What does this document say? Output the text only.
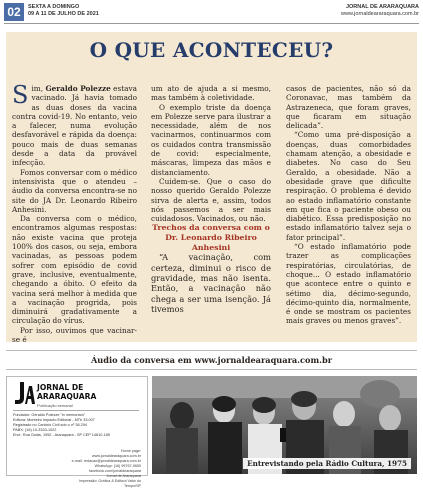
02	SEXTA A DOMINGO
09 A 11 DE JULHO DE 2021
JORNAL DE ARARAQUARA
www.jornaldeararaquara.com.br
O QUE ACONTECEU?

Sim, Geraldo Polezze estava vacinado. Já havia tomado as duas doses da vacina contra covid-19. No entanto, veio a falecer, numa evolução desfavorável e rápida da doença: pouco mais de duas semanas desde a data da provável infecção.

Fomos conversar com o médico intensivista que o atendeu – áudio da conversa encontra-se no site do JA Dr. Leonardo Ribeiro Anhesini.

Da conversa com o médico, encontramos algumas respostas: não existe vacina que proteja 100% dos casos, ou seja, embora vacinadas, as pessoas podem sofrer com episódio de covid grave, inclusive, eventualmente, chegando a óbito. O efeito da vacina será melhor à medida que a vacinação progrida, pois diminuirá gradativamente a circulação do vírus.

Por isso, ouvimos que vacinar-se é

um ato de ajuda a si mesmo, mas também à coletividade.

O exemplo triste da doença em Polezze serve para ilustrar a necessidade, além de nos vacinarmos, continuarmos com os cuidados contra transmissão de covid: especialmente, máscaras, limpeza das mãos e distanciamento.

Cuidem-se. Que o caso do nosso querido Geraldo Polezze sirva de alerta e, assim, todos nós passemos a ser mais cuidadosos. Vacinados, ou não.

Trechos da conversa com o Dr. Leonardo Ribeiro Anhesini

“A vacinação, com certeza, diminui o risco de gravidade, mas não isenta. Então, a vacinação não chega a ser uma isenção. Já tivemos

casos de pacientes, não só da Coronavac, mas também da Astrazeneca, que foram graves, que ficaram em situação delicada”.

“Como uma pré-disposição a doenças, duas comorbidades chamam atenção, a obesidade e diabetes. No caso do Seu Geraldo, a obesidade. Não a obesidade grave que dificulte respiração. O problema é devido ao estado inflamatório constante em que fica o paciente obeso ou diabético. Essa predisposição no estado inflamatório talvez seja o fator principal”.

“O estado inflamatório pode trazer as complicações respiratórias, circulatórias, de choque... O estado inflamatório que acontece entre o quinto e sétimo dia, décimo-segundo, décimo-quinto dia, normalmente, é onde se mostram os pacientes mais graves ou menos graves”.

Áudio da conversa em www.jornaldearaquara.com.br
JORNAL DE
ARARAQUARA
Publicação semanal
Fundador: Geraldo Polezze "in memoriam"
Editora: Monteiro Impacto Editorial - MTb 33.007
Registrado no Cartório Civil sob o nº 38.294
PABX: (16) 10-3333-1022
End.: Rua Goiás, 1952 - Araraquara - SP CEP 14810-185
Home page: www.jornaldearaquara.com.br
e-mail: redacao@jornaldearaquara.com.br
WhatsApp: (16) 99767-9650
facebook.com/jornaldearaquara
Jornal de Araraquara
Impressão: Gráfica & Editora Valor do Tempo/SP
Entrevistando pela Rádio Cultura, 1975
